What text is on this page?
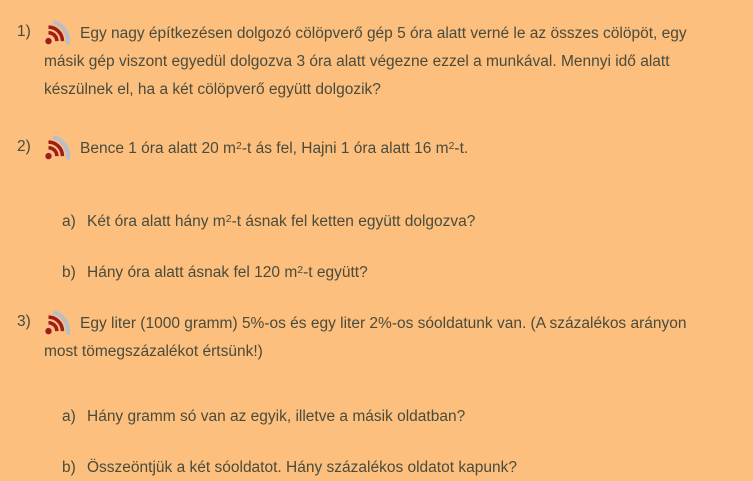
1)	Egy nagy építkezésen dolgozó cölöpverő gép 5 óra alatt verné le az összes cölöpöt, egy
másik gép viszont egyedül dolgozva 3 óra alatt végezne ezzel a munkával. Mennyi idő alatt
készülnek el, ha a két cölöpverő együtt dolgozik?
2)	Bence 1 óra alatt 20 $m^2-t$ ás fel, Hajni 1 óra alatt 16 $m^2-t$.
a) Két óra alatt hány $m^2-t$ ásnak fel ketten együtt dolgozva?
b) Hány óra alatt ásnak fel 120 $m^2-t$ együtt?
3)	Egy liter (1000 gramm) 5%-os és egy liter 2%-os sóoldatunk van. (A százalékos arányon
most tömegszázalékot értsünk!)
a) Hány gramm só van az egyik, illetve a másik oldatban?
b) Összeöntjük a két sóoldatot. Hány százalékos oldatot kapunk?
